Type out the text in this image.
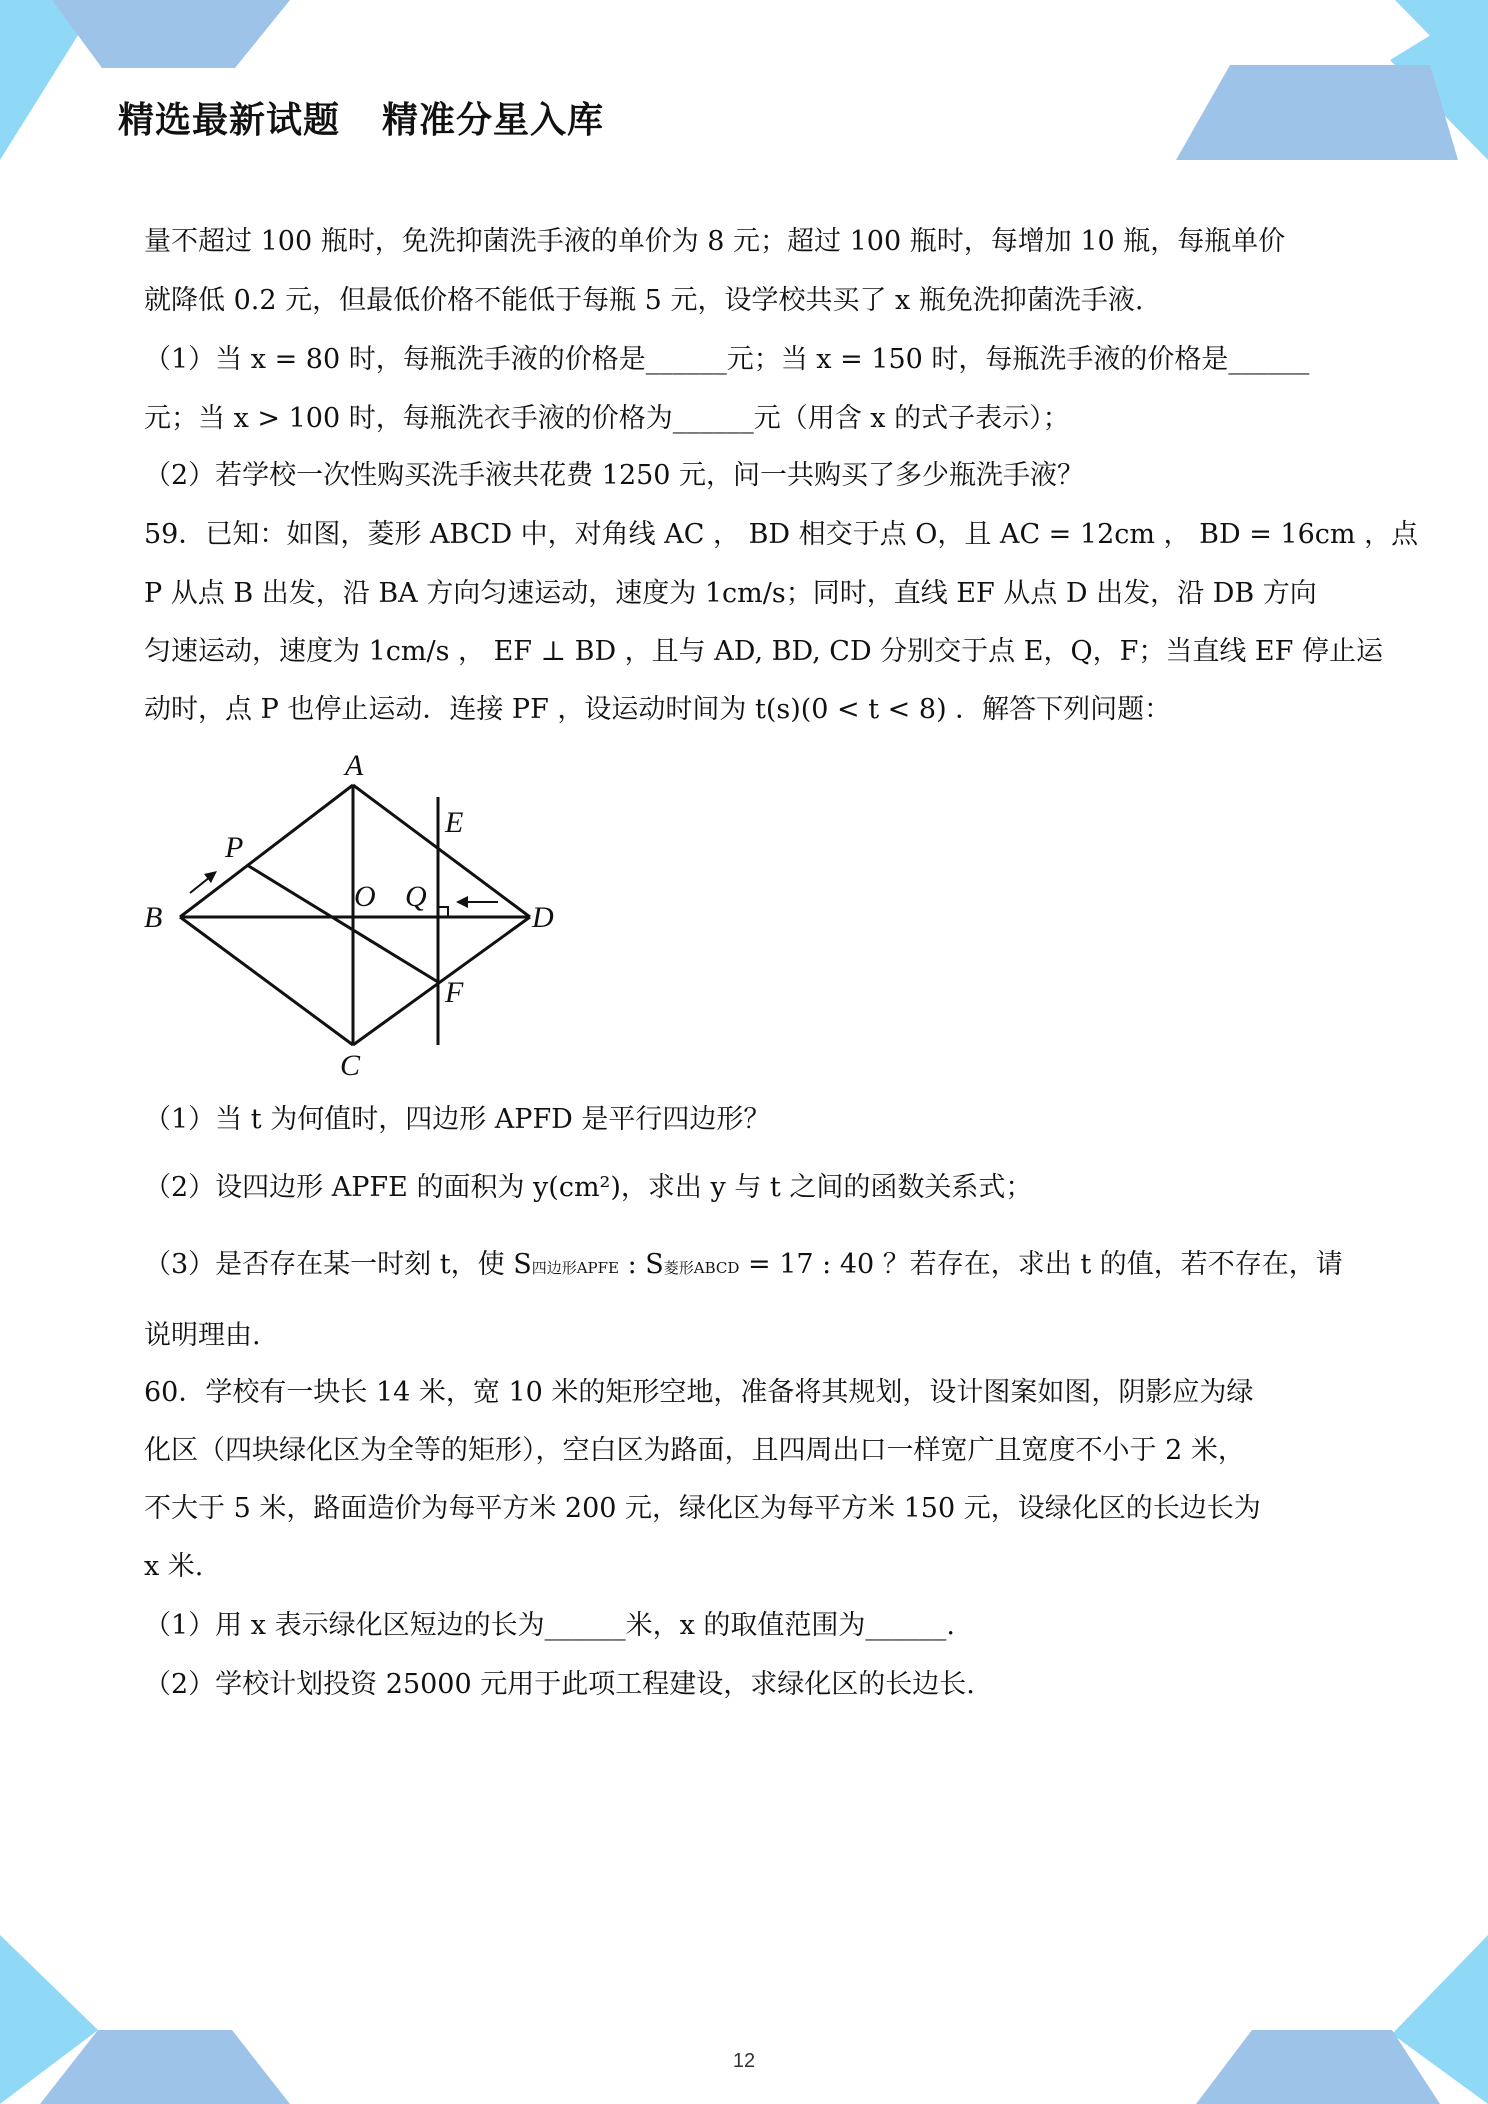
精选最新试题 精准分星入库
量不超过 100 瓶时，免洗抑菌洗手液的单价为 8 元；超过 100 瓶时，每增加 10 瓶，每瓶单价
就降低 0.2 元，但最低价格不能低于每瓶 5 元，设学校共买了 x 瓶免洗抑菌洗手液.
（1）当 x = 80 时，每瓶洗手液的价格是______元；当 x = 150 时，每瓶洗手液的价格是______
元；当 x > 100 时，每瓶洗衣手液的价格为______元（用含 x 的式子表示）；
（2）若学校一次性购买洗手液共花费 1250 元，问一共购买了多少瓶洗手液？
59．已知：如图，菱形 ABCD 中，对角线 AC ， BD 相交于点 O，且 AC = 12cm ， BD = 16cm ，点
P 从点 B 出发，沿 BA 方向匀速运动，速度为 1cm/s；同时，直线 EF 从点 D 出发，沿 DB 方向
匀速运动，速度为 1cm/s ， EF ⊥ BD ，且与 AD, BD, CD 分别交于点 E，Q，F；当直线 EF 停止运
动时，点 P 也停止运动．连接 PF ，设运动时间为 t(s)(0 < t < 8) ．解答下列问题：
A
B
C
D
E
F
O
P
Q
（1）当 t 为何值时，四边形 APFD 是平行四边形？
（2）设四边形 APFE 的面积为 y(cm²)，求出 y 与 t 之间的函数关系式；
（3）是否存在某一时刻 t，使 S四边形APFE : S菱形ABCD = 17 : 40 ？若存在，求出 t 的值，若不存在，请
说明理由.
60．学校有一块长 14 米，宽 10 米的矩形空地，准备将其规划，设计图案如图，阴影应为绿
化区（四块绿化区为全等的矩形），空白区为路面，且四周出口一样宽广且宽度不小于 2 米，
不大于 5 米，路面造价为每平方米 200 元，绿化区为每平方米 150 元，设绿化区的长边长为
x 米.
（1）用 x 表示绿化区短边的长为______米，x 的取值范围为______.
（2）学校计划投资 25000 元用于此项工程建设，求绿化区的长边长.
12
